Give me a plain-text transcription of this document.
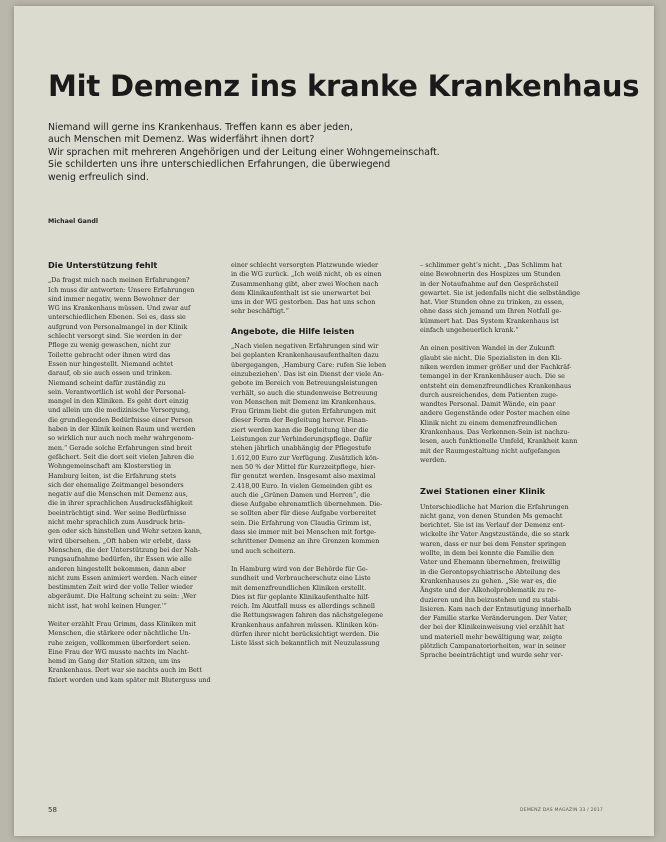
Mit Demenz ins kranke Krankenhaus

Niemand will gerne ins Krankenhaus. Treffen kann es aber jeden,

auch Menschen mit Demenz. Was widerfährt ihnen dort?

Wir sprachen mit mehreren Angehörigen und der Leitung einer Wohngemeinschaft.

Sie schilderten uns ihre unterschiedlichen Erfahrungen, die überwiegend

wenig erfreulich sind.

Michael Gandl
Die Unterstützung fehlt
„Da fragst mich nach meinen Erfahrungen?
Ich muss dir antworten: Unsere Erfahrungen
sind immer negativ, wenn Bewohner der
WG ins Krankenhaus müssen. Und zwar auf
unterschiedlichen Ebenen. Sei es, dass sie
aufgrund von Personalmangel in der Klinik
schlecht versorgt sind. Sie werden in der
Pflege zu wenig gewaschen, nicht zur
Toilette gebracht oder ihnen wird das
Essen nur hingestellt. Niemand achtet
darauf, ob sie auch essen und trinken.
Niemand scheint dafür zuständig zu
sein. Verantwortlich ist wohl der Personal-
mangel in den Kliniken. Es geht dort einzig
und allein um die medizinische Versorgung,
die grundlegenden Bedürfnisse einer Person
haben in der Klinik keinen Raum und werden
so wirklich nur auch noch mehr wahrgenom-
men.“ Gerade solche Erfahrungen sind breit
gefächert. Seit die dort seit vielen Jahren die
Wohngemeinschaft am Klosterstieg in
Hamburg leiten, ist die Erfahrung stets
sich der ehemalige Zeitmangel besonders
negativ auf die Menschen mit Demenz aus,
die in ihrer sprachlichen Ausdrucksfähigkeit
beeinträchtigt sind. Wer seine Bedürfnisse
nicht mehr sprachlich zum Ausdruck brin-
gen oder sich hinstellen und Wehr setzen kann,
wird übersehen. „Oft haben wir erlebt, dass
Menschen, die der Unterstützung bei der Nah-
rungsaufnahme bedürfen, ihr Essen wie alle
anderen hingestellt bekommen, dann aber
nicht zum Essen animiert werden. Nach einer
bestimmten Zeit wird der volle Teller wieder
abgeräumt. Die Haltung scheint zu sein: ‚Wer
nicht isst, hat wohl keinen Hunger.‘“
Weiter erzählt Frau Grimm, dass Kliniken mit
Menschen, die stärkere oder nächtliche Un-
ruhe zeigen, vollkommen überfordert seien.
Eine Frau der WG musste nachts im Nacht-
hemd im Gang der Station sitzen, um ins
Krankenhaus. Dort war sie nachts auch im Bett
fixiert worden und kam später mit Bluterguss und
einer schlecht versorgten Platzwunde wieder
in die WG zurück. „Ich weiß nicht, ob es einen
Zusammenhang gibt, aber zwei Wochen nach
dem Klinikaufenthalt ist sie unerwartet bei
uns in der WG gestorben. Das hat uns schon
sehr beschäftigt.“
Angebote, die Hilfe leisten
„Nach vielen negativen Erfahrungen sind wir
bei geplanten Krankenhausaufenthalten dazu
übergegangen, ‚Hamburg Care: rufen Sie leben
einzubeziehen‘. Das ist ein Dienst der viele An-
gebote im Bereich von Betreuungsleistungen
verhält, so auch die stundenweise Betreuung
von Menschen mit Demenz im Krankenhaus.
Frau Grimm liebt die guten Erfahrungen mit
dieser Form der Begleitung hervor. Finan-
ziert werden kann die Begleitung über die
Leistungen zur Verhinderungspflege. Dafür
stehen jährlich unabhängig der Pflegestufe
1.612,00 Euro zur Verfügung. Zusätzlich kön-
nen 50 % der Mittel für Kurzzeitpflege, hier-
für genutzt werden. Insgesamt also maximal
2.418,00 Euro. In vielen Gemeinden gibt es
auch die „Grünen Damen und Herren“, die
diese Aufgabe ehrenamtlich übernehmen. Die-
se sollten aber für diese Aufgabe vorbereitet
sein. Die Erfahrung von Claudia Grimm ist,
dass sie immer mit bei Menschen mit fortge-
schrittener Demenz an ihre Grenzen kommen
und auch scheitern.
In Hamburg wird von der Behörde für Ge-
sundheit und Verbraucherschutz eine Liste
mit demenzfreundlichen Kliniken erstellt.
Dies ist für geplante Klinikaufenthalte hilf-
reich. Im Akutfall muss es allerdings schnell
die Rettungswagen fahren das nächstgelegene
Krankenhaus anfahren müssen. Kliniken kön-
dürfen ihrer nicht berücksichtigt werden. Die
Liste lässt sich bekanntlich mit Neuzulassung
– schlimmer geht‘s nicht. „Das Schlimm hat
eine Bewohnerin des Hospizes um Stunden
in der Notaufnahme auf den Gesprächsteil
gewartet. Sie ist jedenfalls nicht die selbständige
hat. Vier Stunden ohne zu trinken, zu essen,
ohne dass sich jemand um Ihren Notfall ge-
kümmert hat. Das System Krankenhaus ist
einfach ungeheuerlich krank.“
An einen positiven Wandel in der Zukunft
glaubt sie nicht. Die Spezialisten in den Kli-
niken werden immer größer und der Fachkräf-
temangel in der Krankenhäuser auch. Die se
entsteht ein demenzfreundliches Krankenhaus
durch ausreichendes, dem Patienten zuge-
wandtes Personal. Damit Wände, ein paar
andere Gegenstände oder Poster machen eine
Klinik nicht zu einem demenzfreundlichen
Krankenhaus. Das Verkennen-Sein ist nachzu-
lesen, auch funktionelle Umfeld, Krankheit kann
mit der Raumgestaltung nicht aufgefangen
werden.
Zwei Stationen einer Klinik
Unterschiedliche hat Marion die Erfahrungen
nicht ganz, von denen Stunden Ms gemacht
berichtet. Sie ist im Verlauf der Demenz ent-
wickelte ihr Vater Angstzustände, die so stark
waren, dass er nur bei dem Fenster springen
wollte, in dem bei konnte die Familie den
Vater und Ehemann übernehmen, freiwillig
in die Gerontopsychiatrische Abteilung des
Krankenhauses zu gehen. „Sie war es, die
Ängste und der Alkoholproblematik zu re-
duzieren und ihn beizustehen und zu stabi-
lisieren. Kam nach der Entmutigung innerhalb
der Familie starke Veränderungen. Der Vater,
der bei der Klinikeinweisung viel erzählt hat
und materiell mehr bewältigung war, zeigte
plötzlich Campanatoriorheiten, war in seiner
Sprache beeinträchtigt und wurde sehr ver-
58	DEMENZ DAS MAGAZIN 33 / 2017
